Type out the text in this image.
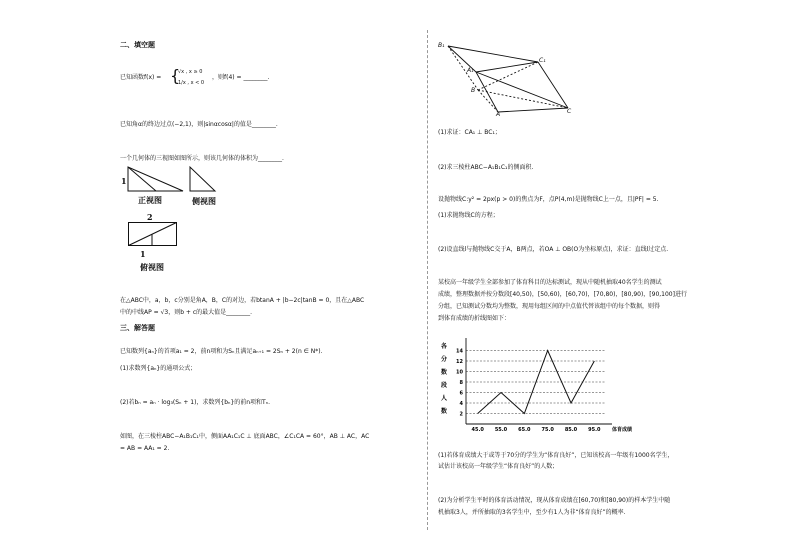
二、填空题
已知函数f(x) = {
√x , x ≥ 0
1/x , x < 0
，则f(4) = ________.
已知角α的终边过点(−2,1)，则|sinαcosα|的值是________.
一个几何体的三视图如图所示，则该几何体的体积为________.
1
正视图	侧视图
2
1
俯视图
在△ABC中，a，b，c分别是角A，B，C的对边，若btanA + |b−2c|tanB = 0，且在△ABC
中的中线AP = √3，则b + c的最大值是________.
三、解答题
已知数列{aₙ}的首项a₁ = 2，前n项和为Sₙ且满足aₙ₊₁ = 2Sₙ + 2(n ∈ N*).
(1)求数列{aₙ}的通项公式；
(2)若bₙ = aₙ · log₃(Sₙ + 1)，求数列{bₙ}的前n项和Tₙ.
如图，在三棱柱ABC−A₁B₁C₁中，侧面AA₁C₁C ⊥ 底面ABC，∠C₁CA = 60°，AB ⊥ AC，AC
= AB = AA₁ = 2.
B₁
C₁
A₁
B
A	C
(1)求证：CA₁ ⊥ BC₁；
(2)求三棱柱ABC−A₁B₁C₁的侧面积.
设抛物线C:y² = 2px(p > 0)的焦点为F，点P(4,m)是抛物线C上一点，且|PF| = 5.
(1)求抛物线C的方程；
(2)设直线l与抛物线C交于A，B两点，若OA ⊥ OB(O为坐标原点)，求证：直线l过定点.
某校高一年级学生全部参加了体育科目的达标测试，现从中随机抽取40名学生的测试
成绩，整理数据并按分数段[40,50)，[50,60)，[60,70)，[70,80)，[80,90)，[90,100]进行
分组，已知测试分数均为整数，现用每组区间的中点值代替该组中的每个数据，则得
到体育成绩的折线图如下：
2
4
6
8
10
12
14
45.0 55.0 65.0 75.0 85.0 95.0 体育成绩
各
分
数
段
人
数
(1)若体育成绩大于或等于70分的学生为“体育良好”，已知该校高一年级有1000名学生，
试估计该校高一年级学生“体育良好”的人数；
(2)为分析学生平时的体育活动情况，现从体育成绩在[60,70)和[80,90)的样本学生中随
机抽取3人，并所抽取的3名学生中，至少有1人为非“体育良好”的概率.
